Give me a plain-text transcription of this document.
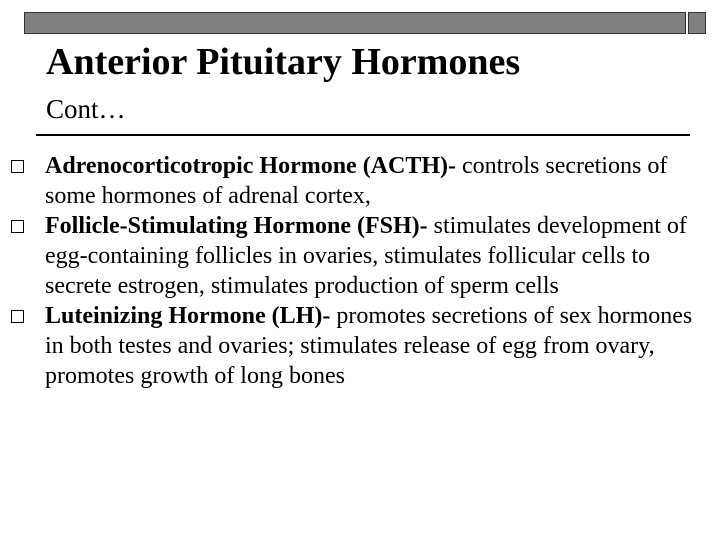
Anterior Pituitary Hormones
Cont…
Adrenocorticotropic Hormone (ACTH)- controls secretions of some hormones of adrenal cortex,
Follicle-Stimulating Hormone (FSH)- stimulates development of egg-containing follicles in ovaries, stimulates follicular cells to secrete estrogen, stimulates production of sperm cells
Luteinizing Hormone (LH)- promotes secretions of sex hormones in both testes and ovaries; stimulates release of egg from ovary, promotes growth of long bones
